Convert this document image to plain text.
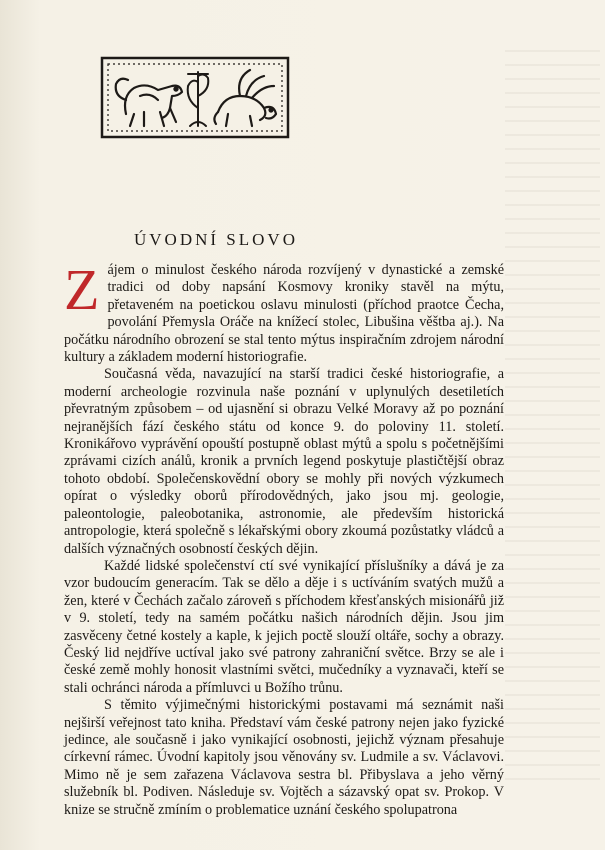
ÚVODNÍ SLOVO

Zájem o minulost českého národa rozvíjený v dynastické a zemské tradici od doby napsání Kosmovy kroniky stavěl na mýtu, přetaveném na poetickou oslavu minulosti (příchod praotce Čecha, povolání Přemysla Oráče na knížecí stolec, Libušina věštba aj.). Na počátku národního obrození se stal tento mýtus inspiračním zdrojem národní kultury a základem moderní historiografie.

Současná věda, navazující na starší tradici české historiografie, a moderní archeologie rozvinula naše poznání v uplynulých desetiletích převratným způsobem – od ujasnění si obrazu Velké Moravy až po poznání nejranějších fází českého státu od konce 9. do poloviny 11. století. Kronikářovo vyprávění opouští postupně oblast mýtů a spolu s početnějšími zprávami cizích análů, kronik a prvních legend poskytuje plastičtější obraz tohoto období. Společenskovědní obory se mohly při nových výzkumech opírat o výsledky oborů přírodovědných, jako jsou mj. geologie, paleontologie, paleobotanika, astronomie, ale především historická antropologie, která společně s lékařskými obory zkoumá pozůstatky vládců a dalších význačných osobností českých dějin.

Každé lidské společenství ctí své vynikající příslušníky a dává je za vzor budoucím generacím. Tak se dělo a děje i s uctíváním svatých mužů a žen, které v Čechách začalo zároveň s příchodem křesťanských misionářů již v 9. století, tedy na samém počátku našich národních dějin. Jsou jim zasvěceny četné kostely a kaple, k jejich poctě slouží oltáře, sochy a obrazy. Český lid nejdříve uctíval jako své patrony zahraniční světce. Brzy se ale i české země mohly honosit vlastními světci, mučedníky a vyznavači, kteří se stali ochránci národa a přímluvci u Božího trůnu.

S těmito výjimečnými historickými postavami má seznámit naši nejširší veřejnost tato kniha. Představí vám české patrony nejen jako fyzické jedince, ale současně i jako vynikající osobnosti, jejichž význam přesahuje církevní rámec. Úvodní kapitoly jsou věnovány sv. Ludmile a sv. Václavovi. Mimo ně je sem zařazena Václavova sestra bl. Přibyslava a jeho věrný služebník bl. Podiven. Následuje sv. Vojtěch a sázavský opat sv. Prokop. V knize se stručně zmíním o problematice uznání českého spolupatrona
